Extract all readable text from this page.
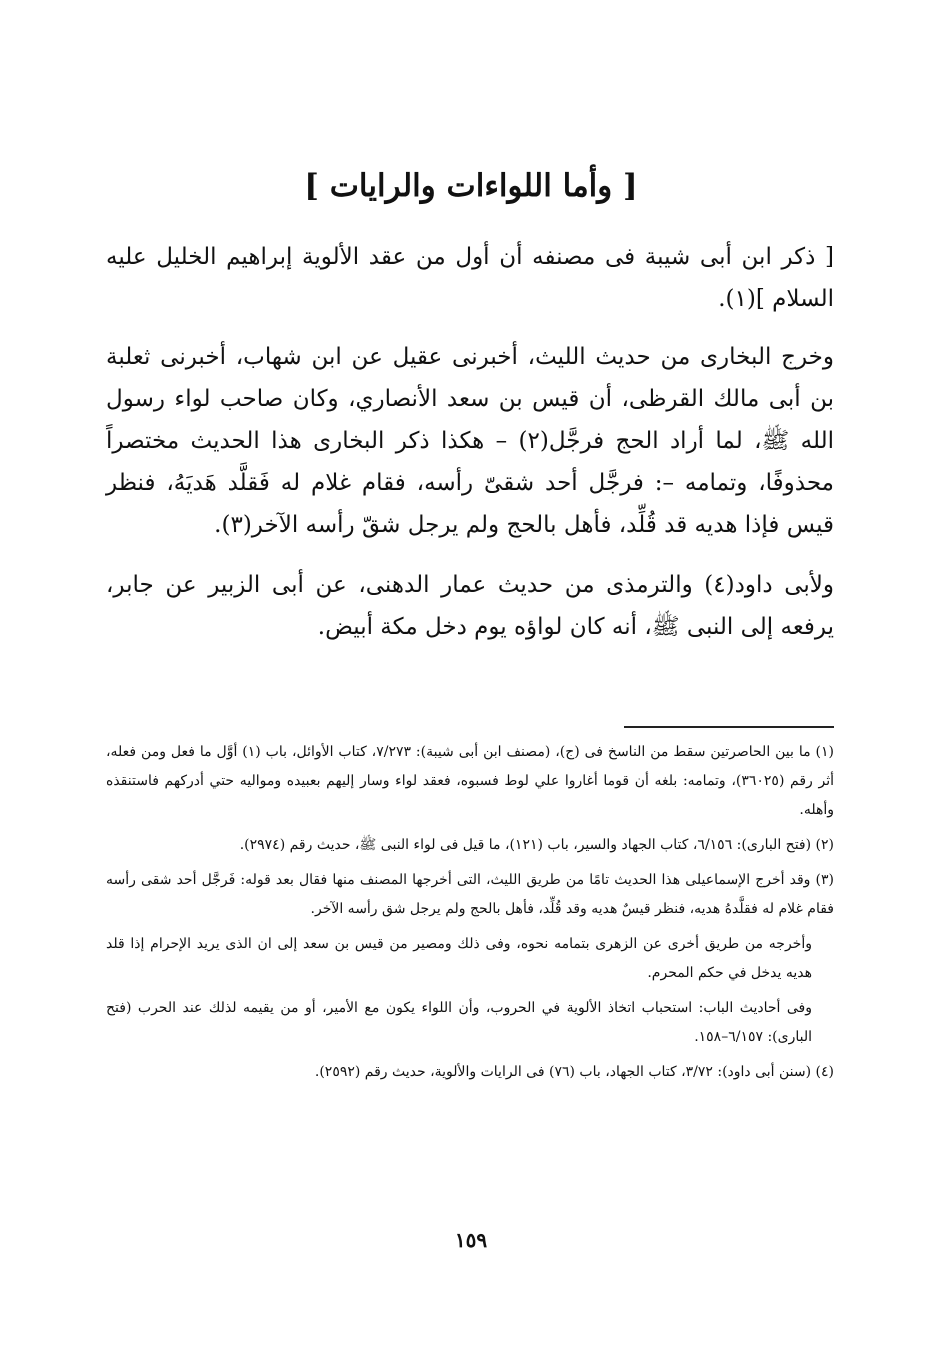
[ وأما اللواءات والرايات ]

[ ذكر ابن أبى شيبة فى مصنفه أن أول من عقد الألوية إبراهيم الخليل عليه السلام ](١).

وخرج البخارى من حديث الليث، أخبرنى عقيل عن ابن شهاب، أخبرنى ثعلبة بن أبى مالك القرظى، أن قيس بن سعد الأنصاري، وكان صاحب لواء رسول الله ﷺ، لما أراد الحج فرجَّل(٢) – هكذا ذكر البخارى هذا الحديث مختصراً محذوفًا، وتمامه –: فرجَّل أحد شقىّ رأسه، فقام غلام له فَقلَّد هَديَهُ، فنظر قيس فإذا هديه قد قُلِّد، فأهل بالحج ولم يرجل شقّ رأسه الآخر(٣).

ولأبى داود(٤) والترمذى من حديث عمار الدهنى، عن أبى الزبير عن جابر، يرفعه إلى النبى ﷺ، أنه كان لواؤه يوم دخل مكة أبيض.

(١) ما بين الحاصرتين سقط من الناسخ فى (ج)، (مصنف ابن أبى شيبة): ٧/٢٧٣، كتاب الأوائل، باب (١) أوَّل ما فعل ومن فعله، أثر رقم (٣٦٠٢٥)، وتمامه: بلغه أن قوما أغاروا علي لوط فسبوه، فعقد لواء وسار إليهم بعبيده ومواليه حتي أدركهم فاستنقذه وأهله.

(٢) (فتح البارى): ٦/١٥٦، كتاب الجهاد والسير، باب (١٢١)، ما قيل فى لواء النبى ﷺ، حديث رقم (٢٩٧٤).

(٣) وقد أخرج الإسماعيلى هذا الحديث تامًا من طريق الليث، التى أخرجها المصنف منها فقال بعد قوله: فَرجَّل أحد شقى رأسه فقام غلام له فقلَّدهُ هديه، فنظر قيسٌ هديه وقد قُلِّد، فأهل بالحج ولم يرجل شق رأسه الآخر.

وأخرجه من طريق أخرى عن الزهرى بتمامه نحوه، وفى ذلك ومصير من قيس بن سعد إلى ان الذى يريد الإحرام إذا قلد هديه يدخل في حكم المحرم.

وفى أحاديث الباب: استحباب اتخاذ الألوية في الحروب، وأن اللواء يكون مع الأمير، أو من يقيمه لذلك عند الحرب (فتح البارى): ٦/١٥٧–١٥٨.

(٤) (سنن أبى داود): ٣/٧٢، كتاب الجهاد، باب (٧٦) فى الرايات والألوية، حديث رقم (٢٥٩٢).

١٥٩
